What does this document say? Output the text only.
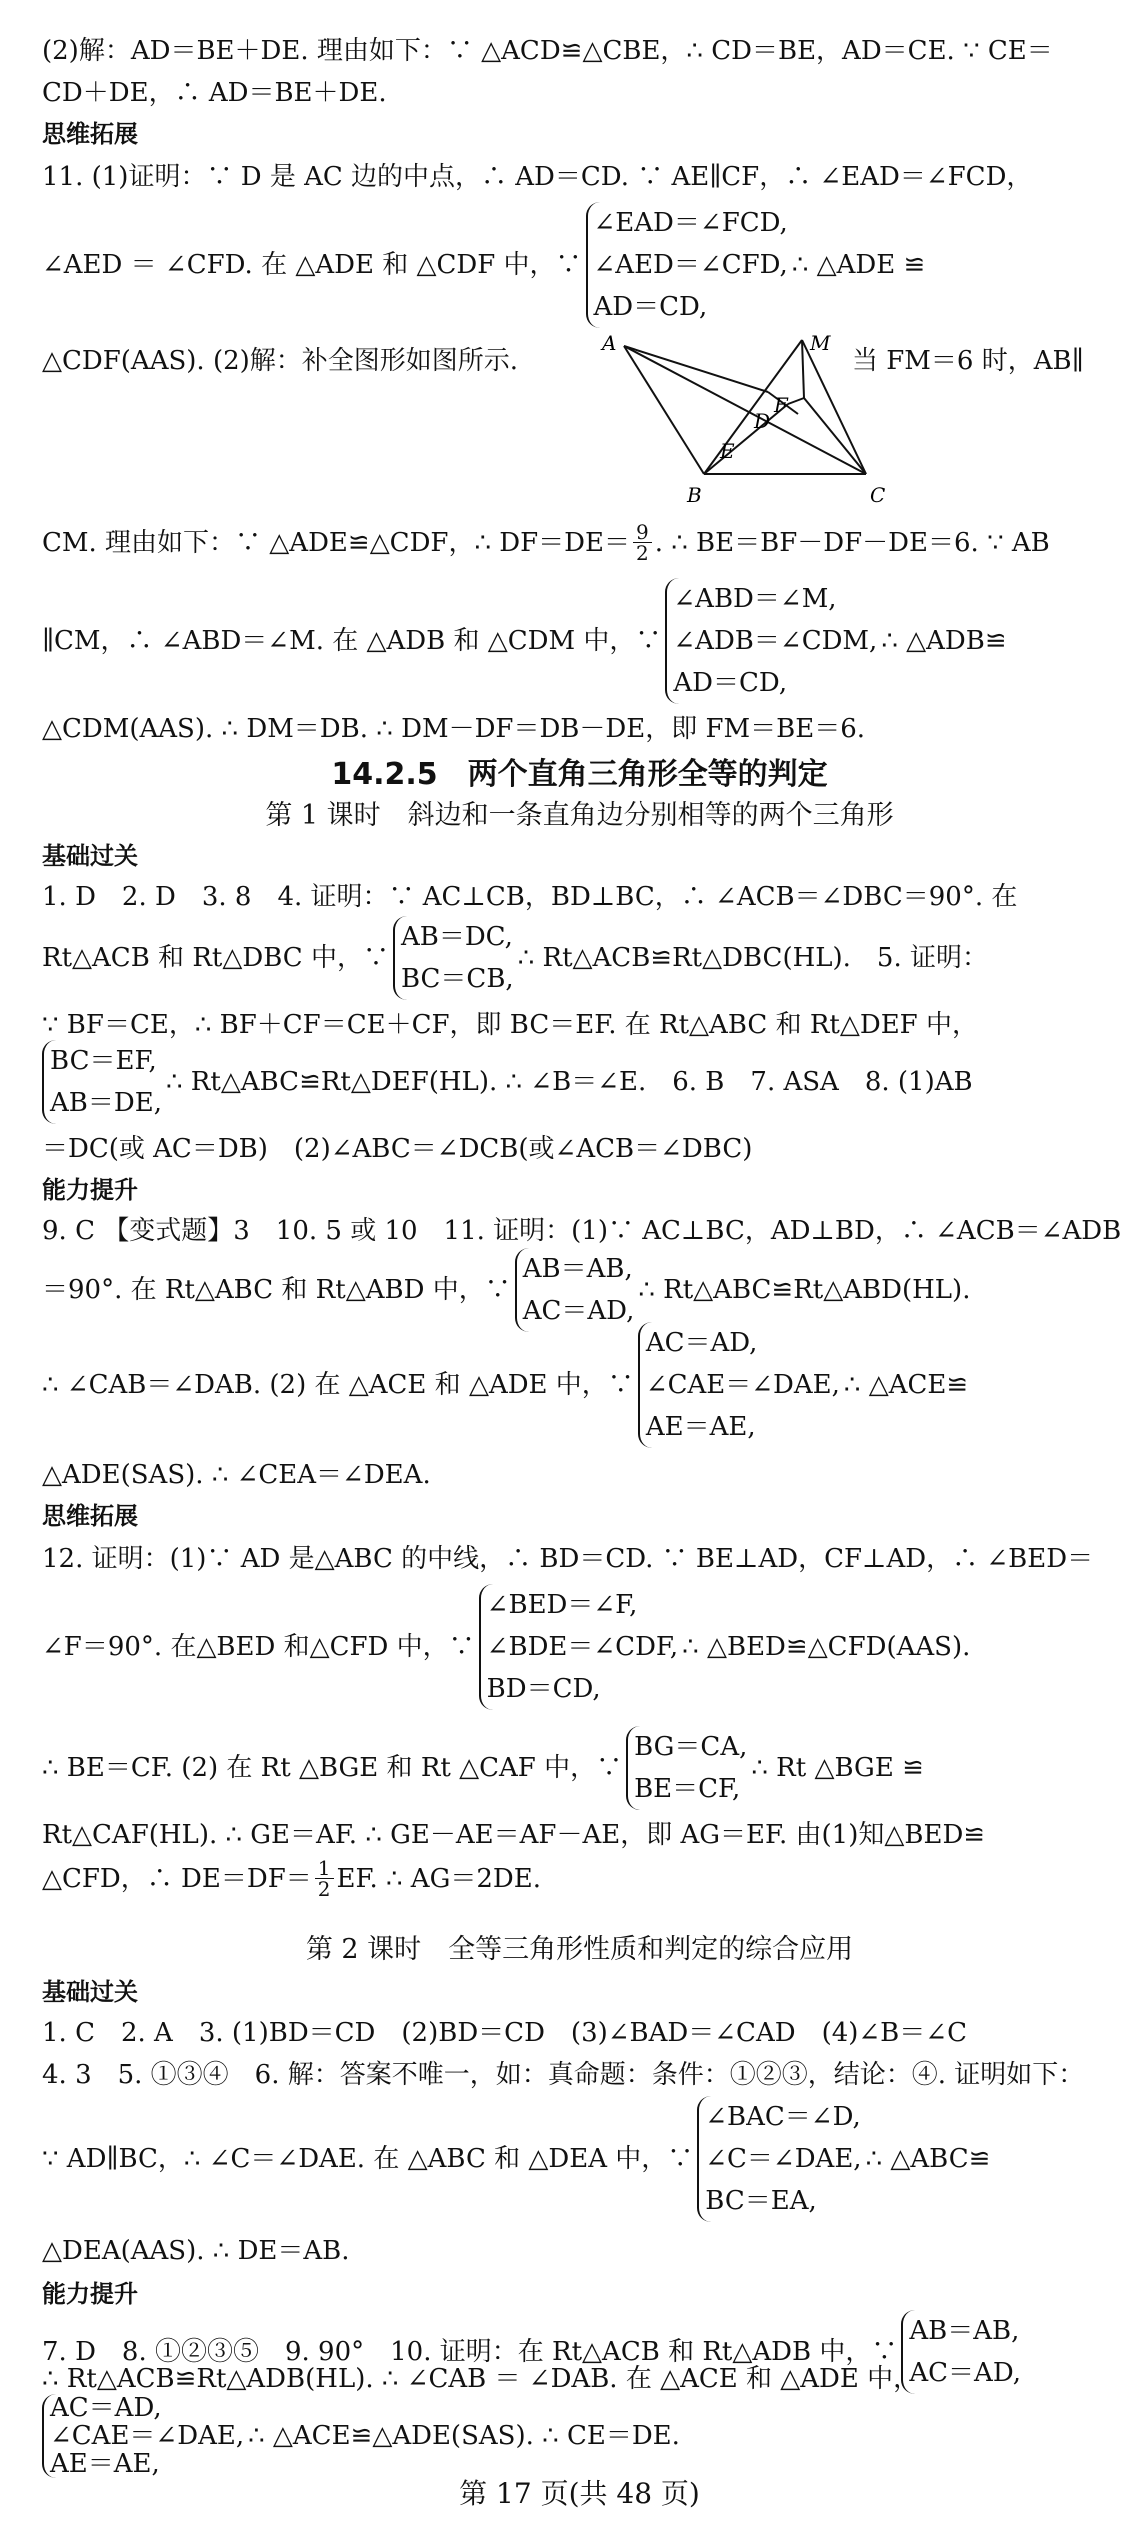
(2)解：AD＝BE＋DE. 理由如下：∵ △ACD≌△CBE，∴ CD＝BE，AD＝CE. ∵ CE＝
CD＋DE，∴ AD＝BE＋DE.
思维拓展
11. (1)证明：∵ D 是 AC 边的中点，∴ AD＝CD. ∵ AE∥CF，∴ ∠EAD＝∠FCD，
∠AED ＝ ∠CFD. 在 △ADE 和 △CDF 中，∵
∠EAD＝∠FCD,
∠AED＝∠CFD,
AD＝CD,
∴ △ADE ≌
△CDF(AAS). (2)解：补全图形如图所示.	当 FM＝6 时，AB∥
A
B	C
D
E
F
M
CM. 理由如下：∵ △ADE≌△CDF，∴ $DF=DE= \frac{9}{2}$ . ∴ BE＝BF－DF－DE＝6. ∵ AB
∥CM，∴ ∠ABD＝∠M. 在 △ADB 和 △CDM 中，∵
∠ABD＝∠M,
∠ADB＝∠CDM,
AD＝CD,
∴ △ADB≌
△CDM(AAS). ∴ DM＝DB. ∴ DM－DF＝DB－DE，即 FM＝BE＝6.
14.2.5　两个直角三角形全等的判定
第 1 课时　斜边和一条直角边分别相等的两个三角形
基础过关
1. D　2. D　3. 8　4. 证明：∵ AC⊥CB，BD⊥BC，∴ ∠ACB＝∠DBC＝90°. 在
Rt△ACB 和 Rt△DBC 中，∵
AB＝DC,
BC＝CB,
∴ Rt△ACB≌Rt△DBC(HL).　5. 证明：
∵ BF＝CE，∴ BF＋CF＝CE＋CF，即 BC＝EF. 在 Rt△ABC 和 Rt△DEF 中，
BC＝EF,
AB＝DE,
∴ Rt△ABC≌Rt△DEF(HL). ∴ ∠B＝∠E.　6. B　7. ASA　8. (1)AB
＝DC(或 AC＝DB)　(2)∠ABC＝∠DCB(或∠ACB＝∠DBC)
能力提升
9. C 【变式题】3　10. 5 或 10　11. 证明：(1)∵ AC⊥BC，AD⊥BD，∴ ∠ACB＝∠ADB
＝90°. 在 Rt△ABC 和 Rt△ABD 中，∵
AB＝AB,
AC＝AD,
∴ Rt△ABC≌Rt△ABD(HL).
∴ ∠CAB＝∠DAB. (2) 在 △ACE 和 △ADE 中，∵
AC＝AD,
∠CAE＝∠DAE,
AE＝AE,
∴ △ACE≌
△ADE(SAS). ∴ ∠CEA＝∠DEA.
思维拓展
12. 证明：(1)∵ AD 是△ABC 的中线，∴ BD＝CD. ∵ BE⊥AD，CF⊥AD，∴ ∠BED＝
∠F＝90°. 在△BED 和△CFD 中，∵
∠BED＝∠F,
∠BDE＝∠CDF,
BD＝CD,
∴ △BED≌△CFD(AAS).
∴ BE＝CF. (2) 在 Rt △BGE 和 Rt △CAF 中，∵
BG＝CA,
BE＝CF,
∴ Rt △BGE ≌
Rt△CAF(HL). ∴ GE＝AF. ∴ GE－AE＝AF－AE，即 AG＝EF. 由(1)知△BED≌
△CFD，∴ $DE=DF= \frac{1}{2}$ EF. ∴ AG＝2DE.
第 2 课时　全等三角形性质和判定的综合应用
基础过关
1. C　2. A　3. (1)BD＝CD　(2)BD＝CD　(3)∠BAD＝∠CAD　(4)∠B＝∠C
4. 3　5. ①③④　6. 解：答案不唯一，如：真命题：条件：①②③，结论：④. 证明如下：
∵ AD∥BC，∴ ∠C＝∠DAE. 在 △ABC 和 △DEA 中，∵
∠BAC＝∠D,
∠C＝∠DAE,
BC＝EA,
∴ △ABC≌
△DEA(AAS). ∴ DE＝AB.
能力提升
7. D　8. ①②③⑤　9. 90°　10. 证明：在 Rt△ACB 和 Rt△ADB 中，∵
AB＝AB,
AC＝AD,
∴ Rt△ACB≌Rt△ADB(HL). ∴ ∠CAB ＝ ∠DAB. 在 △ACE 和 △ADE 中，
AC＝AD,
∠CAE＝∠DAE,
AE＝AE,
∴ △ACE≌△ADE(SAS). ∴ CE＝DE.
第 17 页(共 48 页)
